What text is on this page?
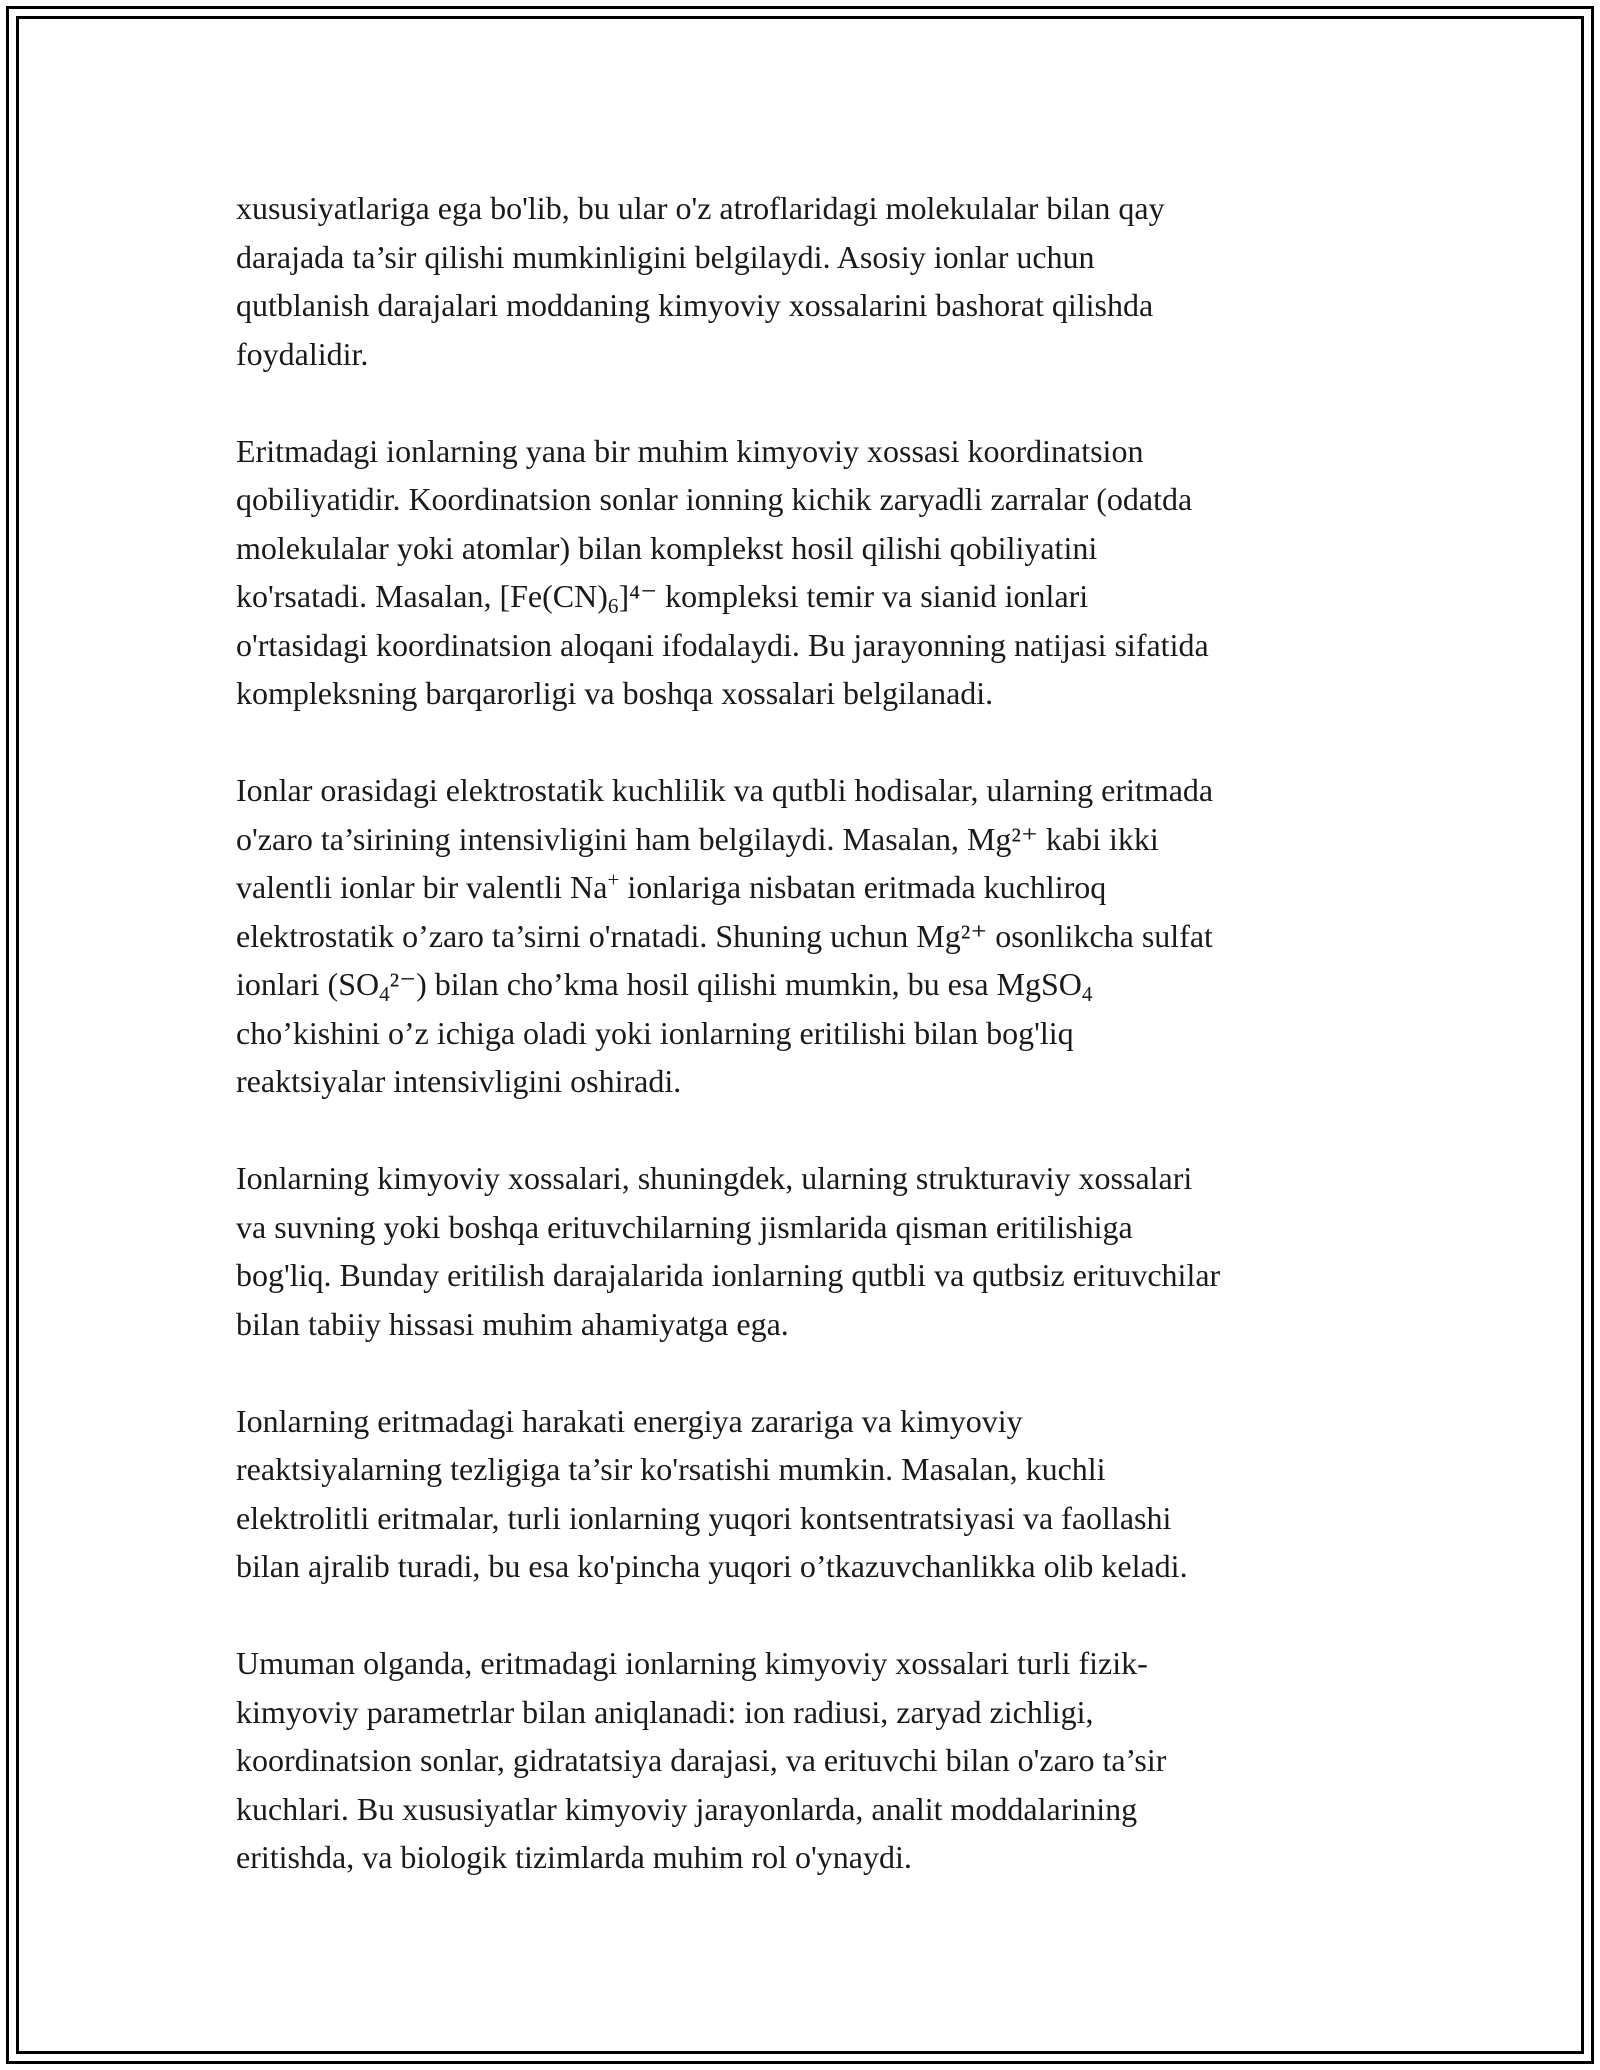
xususiyatlariga ega bo'lib, bu ular o'z atroflaridagi molekulalar bilan qay
darajada ta’sir qilishi mumkinligini belgilaydi. Asosiy ionlar uchun
qutblanish darajalari moddaning kimyoviy xossalarini bashorat qilishda
foydalidir.

Eritmadagi ionlarning yana bir muhim kimyoviy xossasi koordinatsion
qobiliyatidir. Koordinatsion sonlar ionning kichik zaryadli zarralar (odatda
molekulalar yoki atomlar) bilan komplekst hosil qilishi qobiliyatini
ko'rsatadi. Masalan, $[Fe(CN)_6]^{4-}$ kompleksi temir va sianid ionlari
o'rtasidagi koordinatsion aloqani ifodalaydi. Bu jarayonning natijasi sifatida
kompleksning barqarorligi va boshqa xossalari belgilanadi.

Ionlar orasidagi elektrostatik kuchlilik va qutbli hodisalar, ularning eritmada
o'zaro ta’sirining intensivligini ham belgilaydi. Masalan, Mg²⁺ kabi ikki
valentli ionlar bir valentli Na+ ionlariga nisbatan eritmada kuchliroq
elektrostatik o’zaro ta’sirni o'rnatadi. Shuning uchun Mg²⁺ osonlikcha sulfat
ionlari $(SO_4^{2-})$ bilan cho’kma hosil qilishi mumkin, bu esa MgSO$_4$
cho’kishini o’z ichiga oladi yoki ionlarning eritilishi bilan bog'liq
reaktsiyalar intensivligini oshiradi.

Ionlarning kimyoviy xossalari, shuningdek, ularning strukturaviy xossalari
va suvning yoki boshqa erituvchilarning jismlarida qisman eritilishiga
bog'liq. Bunday eritilish darajalarida ionlarning qutbli va qutbsiz erituvchilar
bilan tabiiy hissasi muhim ahamiyatga ega.

Ionlarning eritmadagi harakati energiya zarariga va kimyoviy
reaktsiyalarning tezligiga ta’sir ko'rsatishi mumkin. Masalan, kuchli
elektrolitli eritmalar, turli ionlarning yuqori kontsentratsiyasi va faollashi
bilan ajralib turadi, bu esa ko'pincha yuqori o’tkazuvchanlikka olib keladi.

Umuman olganda, eritmadagi ionlarning kimyoviy xossalari turli fizik-
kimyoviy parametrlar bilan aniqlanadi: ion radiusi, zaryad zichligi,
koordinatsion sonlar, gidratatsiya darajasi, va erituvchi bilan o'zaro ta’sir
kuchlari. Bu xususiyatlar kimyoviy jarayonlarda, analit moddalarining
eritishda, va biologik tizimlarda muhim rol o'ynaydi.
